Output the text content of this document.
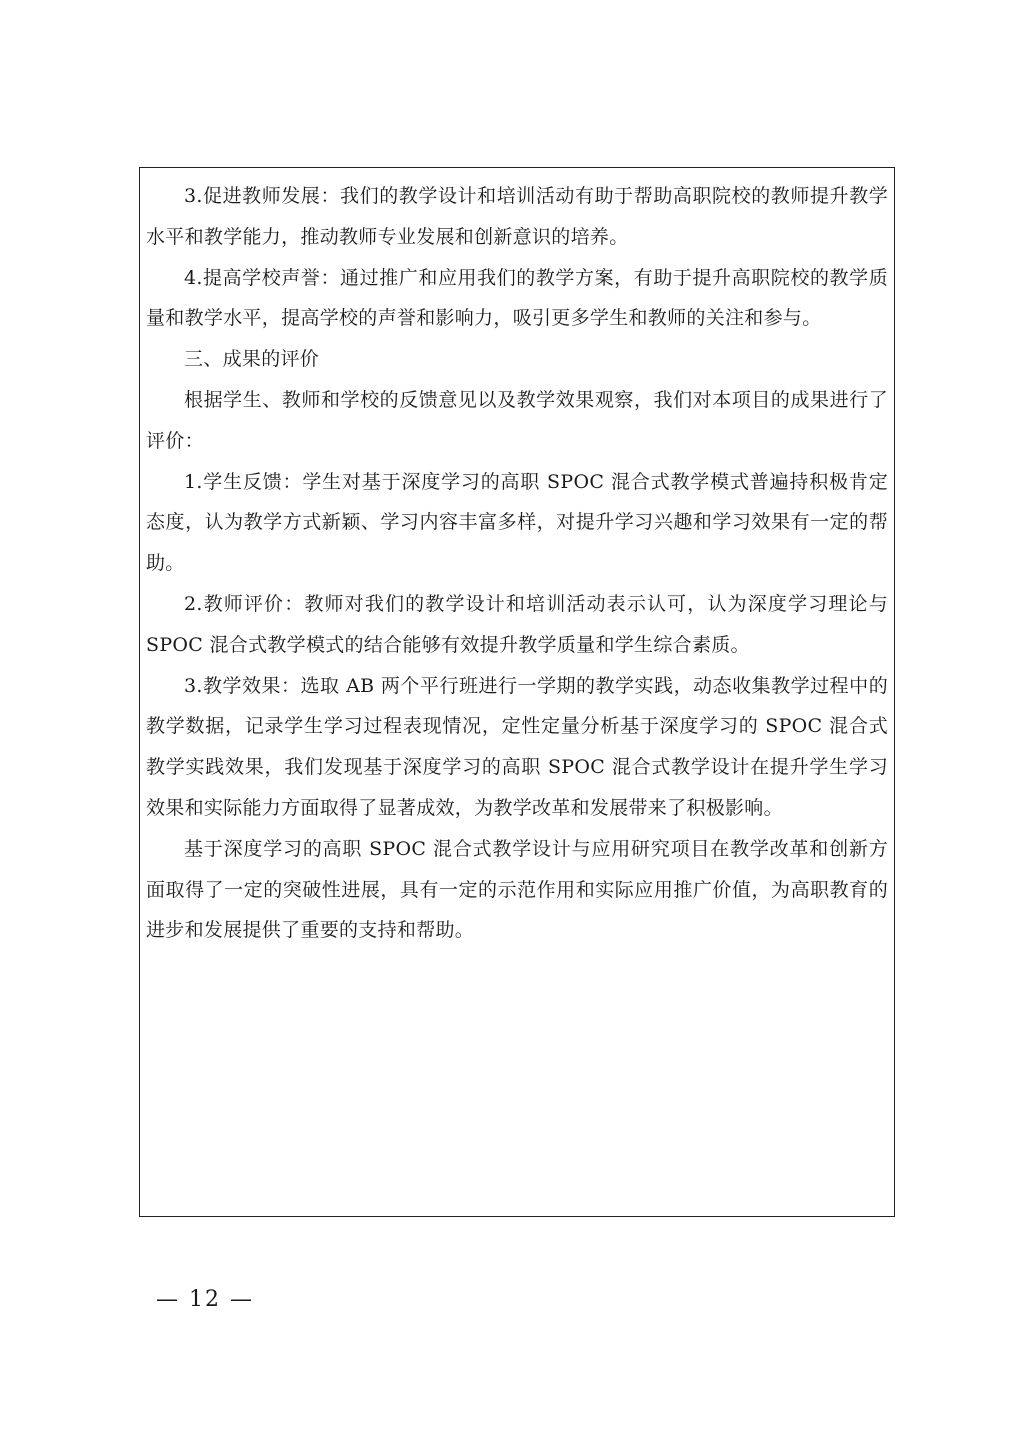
3.促进教师发展：我们的教学设计和培训活动有助于帮助高职院校的教师提升教学水平和教学能力，推动教师专业发展和创新意识的培养。

4.提高学校声誉：通过推广和应用我们的教学方案，有助于提升高职院校的教学质量和教学水平，提高学校的声誉和影响力，吸引更多学生和教师的关注和参与。

三、成果的评价

根据学生、教师和学校的反馈意见以及教学效果观察，我们对本项目的成果进行了评价：

1.学生反馈：学生对基于深度学习的高职 SPOC 混合式教学模式普遍持积极肯定态度，认为教学方式新颖、学习内容丰富多样，对提升学习兴趣和学习效果有一定的帮助。

2.教师评价：教师对我们的教学设计和培训活动表示认可，认为深度学习理论与 SPOC 混合式教学模式的结合能够有效提升教学质量和学生综合素质。

3.教学效果：选取 AB 两个平行班进行一学期的教学实践，动态收集教学过程中的教学数据，记录学生学习过程表现情况，定性定量分析基于深度学习的 SPOC 混合式教学实践效果，我们发现基于深度学习的高职 SPOC 混合式教学设计在提升学生学习效果和实际能力方面取得了显著成效，为教学改革和发展带来了积极影响。

基于深度学习的高职 SPOC 混合式教学设计与应用研究项目在教学改革和创新方面取得了一定的突破性进展，具有一定的示范作用和实际应用推广价值，为高职教育的进步和发展提供了重要的支持和帮助。

— 12 —
